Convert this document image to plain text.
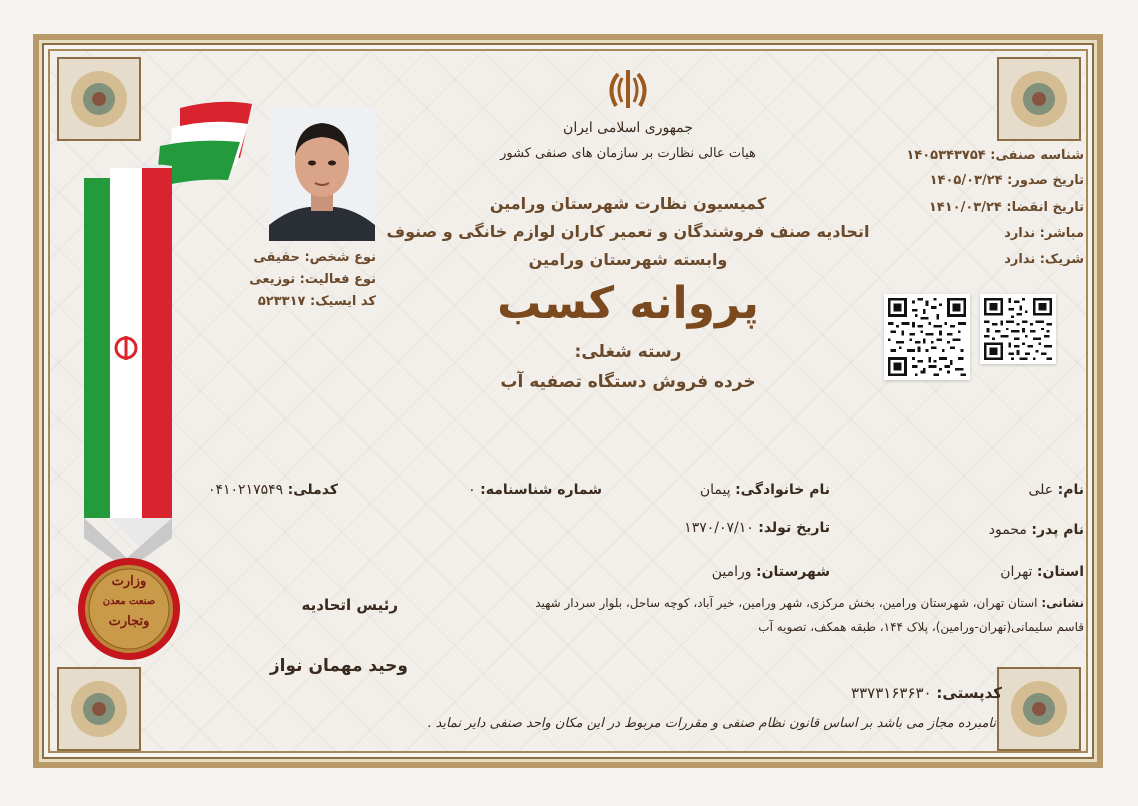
وزارت
صنعت معدن
وتجارت
نوع شخص: حقیقی
نوع فعالیت: توزیعی
کد ایسیک: ۵۲۳۳۱۷
جمهوری اسلامی ایران
هیات عالی نظارت بر سازمان های صنفی کشور
کمیسیون نظارت شهرستان ورامین
اتحادیه صنف فروشندگان و تعمیر کاران لوازم خانگی و صنوف
وابسته شهرستان ورامین
پروانه کسب
رسته شغلی:
خرده فروش دستگاه تصفیه آب
شناسه صنفی: ۱۴۰۵۳۴۳۷۵۴
تاریخ صدور: ۱۴۰۵/۰۳/۲۴
تاریخ انقضا: ۱۴۱۰/۰۳/۲۴
مباشر: ندارد
شریک: ندارد
نام: علی
نام خانوادگی: پیمان
شماره شناسنامه: ۰
کدملی: ۰۴۱۰۲۱۷۵۴۹
نام پدر: محمود
تاریخ تولد: ۱۳۷۰/۰۷/۱۰
استان: تهران
شهرستان: ورامین
نشانی: استان تهران، شهرستان ورامین، بخش مرکزی، شهر ورامین، خیر آباد، کوچه ساحل، بلوار سردار شهید
قاسم سلیمانی(تهران-ورامین)، پلاک ۱۴۴، طبقه همکف، تصویه آب
رئیس اتحادیه
وحید مهمان نواز
کدپستی: ۳۳۷۳۱۶۳۶۳۰
نامبرده مجاز می باشد بر اساس قانون نظام صنفی و مقررات مربوط در این مکان واحد صنفی دایر نماید .
